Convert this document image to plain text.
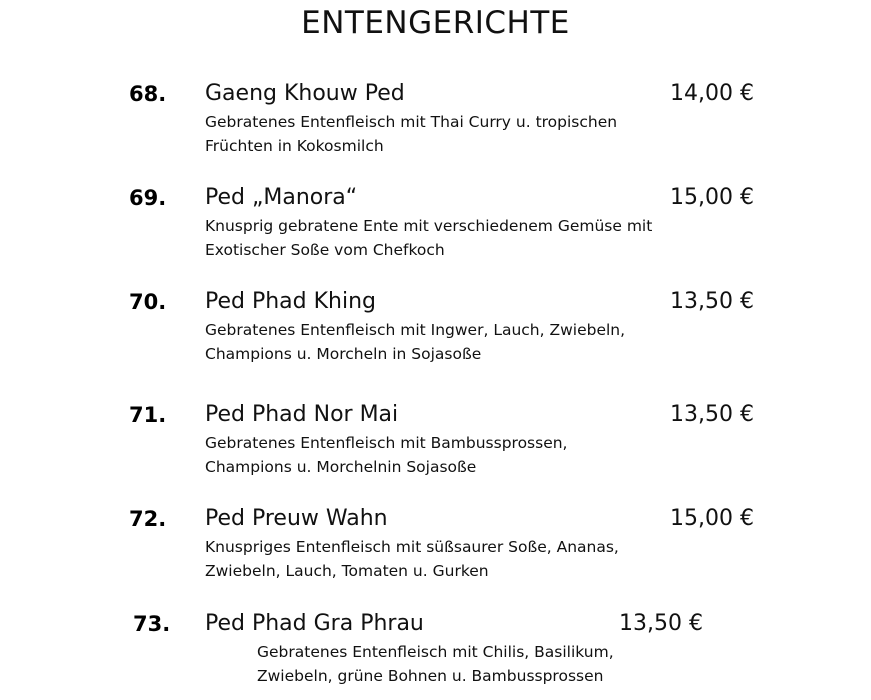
ENTENGERICHTE
68. Gaeng Khouw Ped	14,00 €
Gebratenes Entenfleisch mit Thai Curry u. tropischen
Früchten in Kokosmilch
69. Ped „Manora“	15,00 €
Knusprig gebratene Ente mit verschiedenem Gemüse mit
Exotischer Soße vom Chefkoch
70. Ped Phad Khing	13,50 €
Gebratenes Entenfleisch mit Ingwer, Lauch, Zwiebeln,
Champions u. Morcheln in Sojasoße
71. Ped Phad Nor Mai	13,50 €
Gebratenes Entenfleisch mit Bambussprossen,
Champions u. Morchelnin Sojasoße
72. Ped Preuw Wahn	15,00 €
Knuspriges Entenfleisch mit süßsaurer Soße, Ananas,
Zwiebeln, Lauch, Tomaten u. Gurken
73. Ped Phad Gra Phrau	13,50 €
Gebratenes Entenfleisch mit Chilis, Basilikum,
Zwiebeln, grüne Bohnen u. Bambussprossen
